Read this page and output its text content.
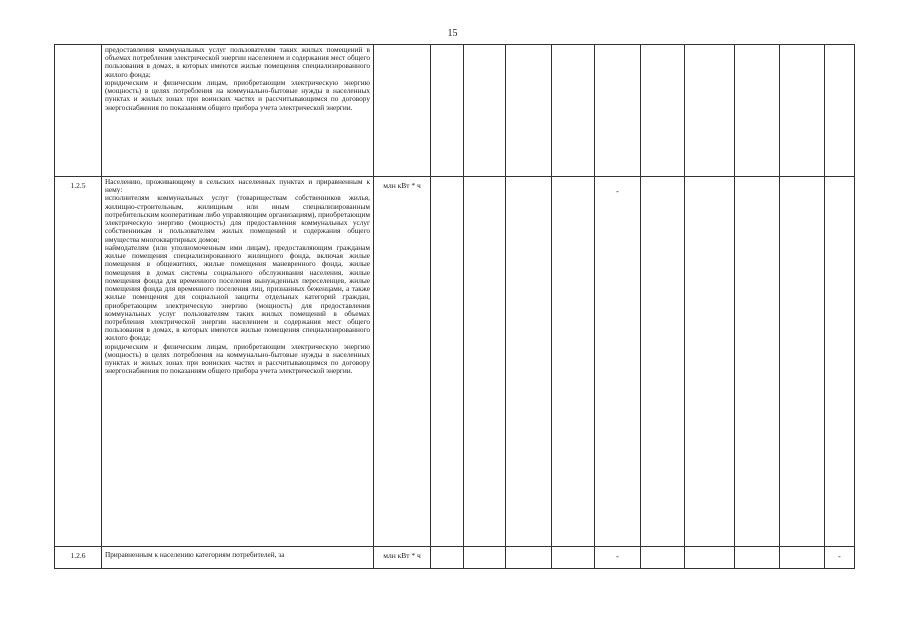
15

	предоставления коммунальных услуг пользователям таких жилых помещений в объемах потребления электрической энергии населением и содержания мест общего пользования в домах, в которых имеются жилые помещения специализированного жилого фонда;

юридическим и физическим лицам, приобретающим электрическую энергию (мощность) в целях потребления на коммунально-бытовые нужды в населенных пунктах и жилых зонах при воинских частях и рассчитывающимся по договору энергоснабжения по показаниям общего прибора учета электрической энергии.											

1.2.5	Населению, проживающему в сельских населенных пунктах и приравненным к нему:

исполнителям коммунальных услуг (товариществам собственников жилья, жилищно-строительным, жилищным или иным специализированным потребительским кооперативам либо управляющим организациям), приобретающим электрическую энергию (мощность) для предоставления коммунальных услуг собственникам и пользователям жилых помещений и содержания общего имущества многоквартирных домов;

наймодателям (или уполномоченным ими лицам), предоставляющим гражданам жилые помещения специализированного жилищного фонда, включая жилые помещения в общежитиях, жилые помещения маневренного фонда, жилые помещения в домах системы социального обслуживания населения, жилые помещения фонда для временного поселения вынужденных переселенцев, жилые помещения фонда для временного поселения лиц, признанных беженцами, а также жилые помещения для социальной защиты отдельных категорий граждан, приобретающим электрическую энергию (мощность) для предоставления коммунальных услуг пользователям таких жилых помещений в объемах потребления электрической энергии населением и содержания мест общего пользования в домах, в которых имеются жилые помещения специализированного жилого фонда;

юридическим и физическим лицам, приобретающим электрическую энергию (мощность) в целях потребления на коммунально-бытовые нужды в населенных пунктах и жилых зонах при воинских частях и рассчитывающимся по договору энергоснабжения по показаниям общего прибора учета электрической энергии.	млн кВт * ч					-					

1.2.6	Приравненным к населению категориям потребителей, за	млн кВт * ч					-					-
